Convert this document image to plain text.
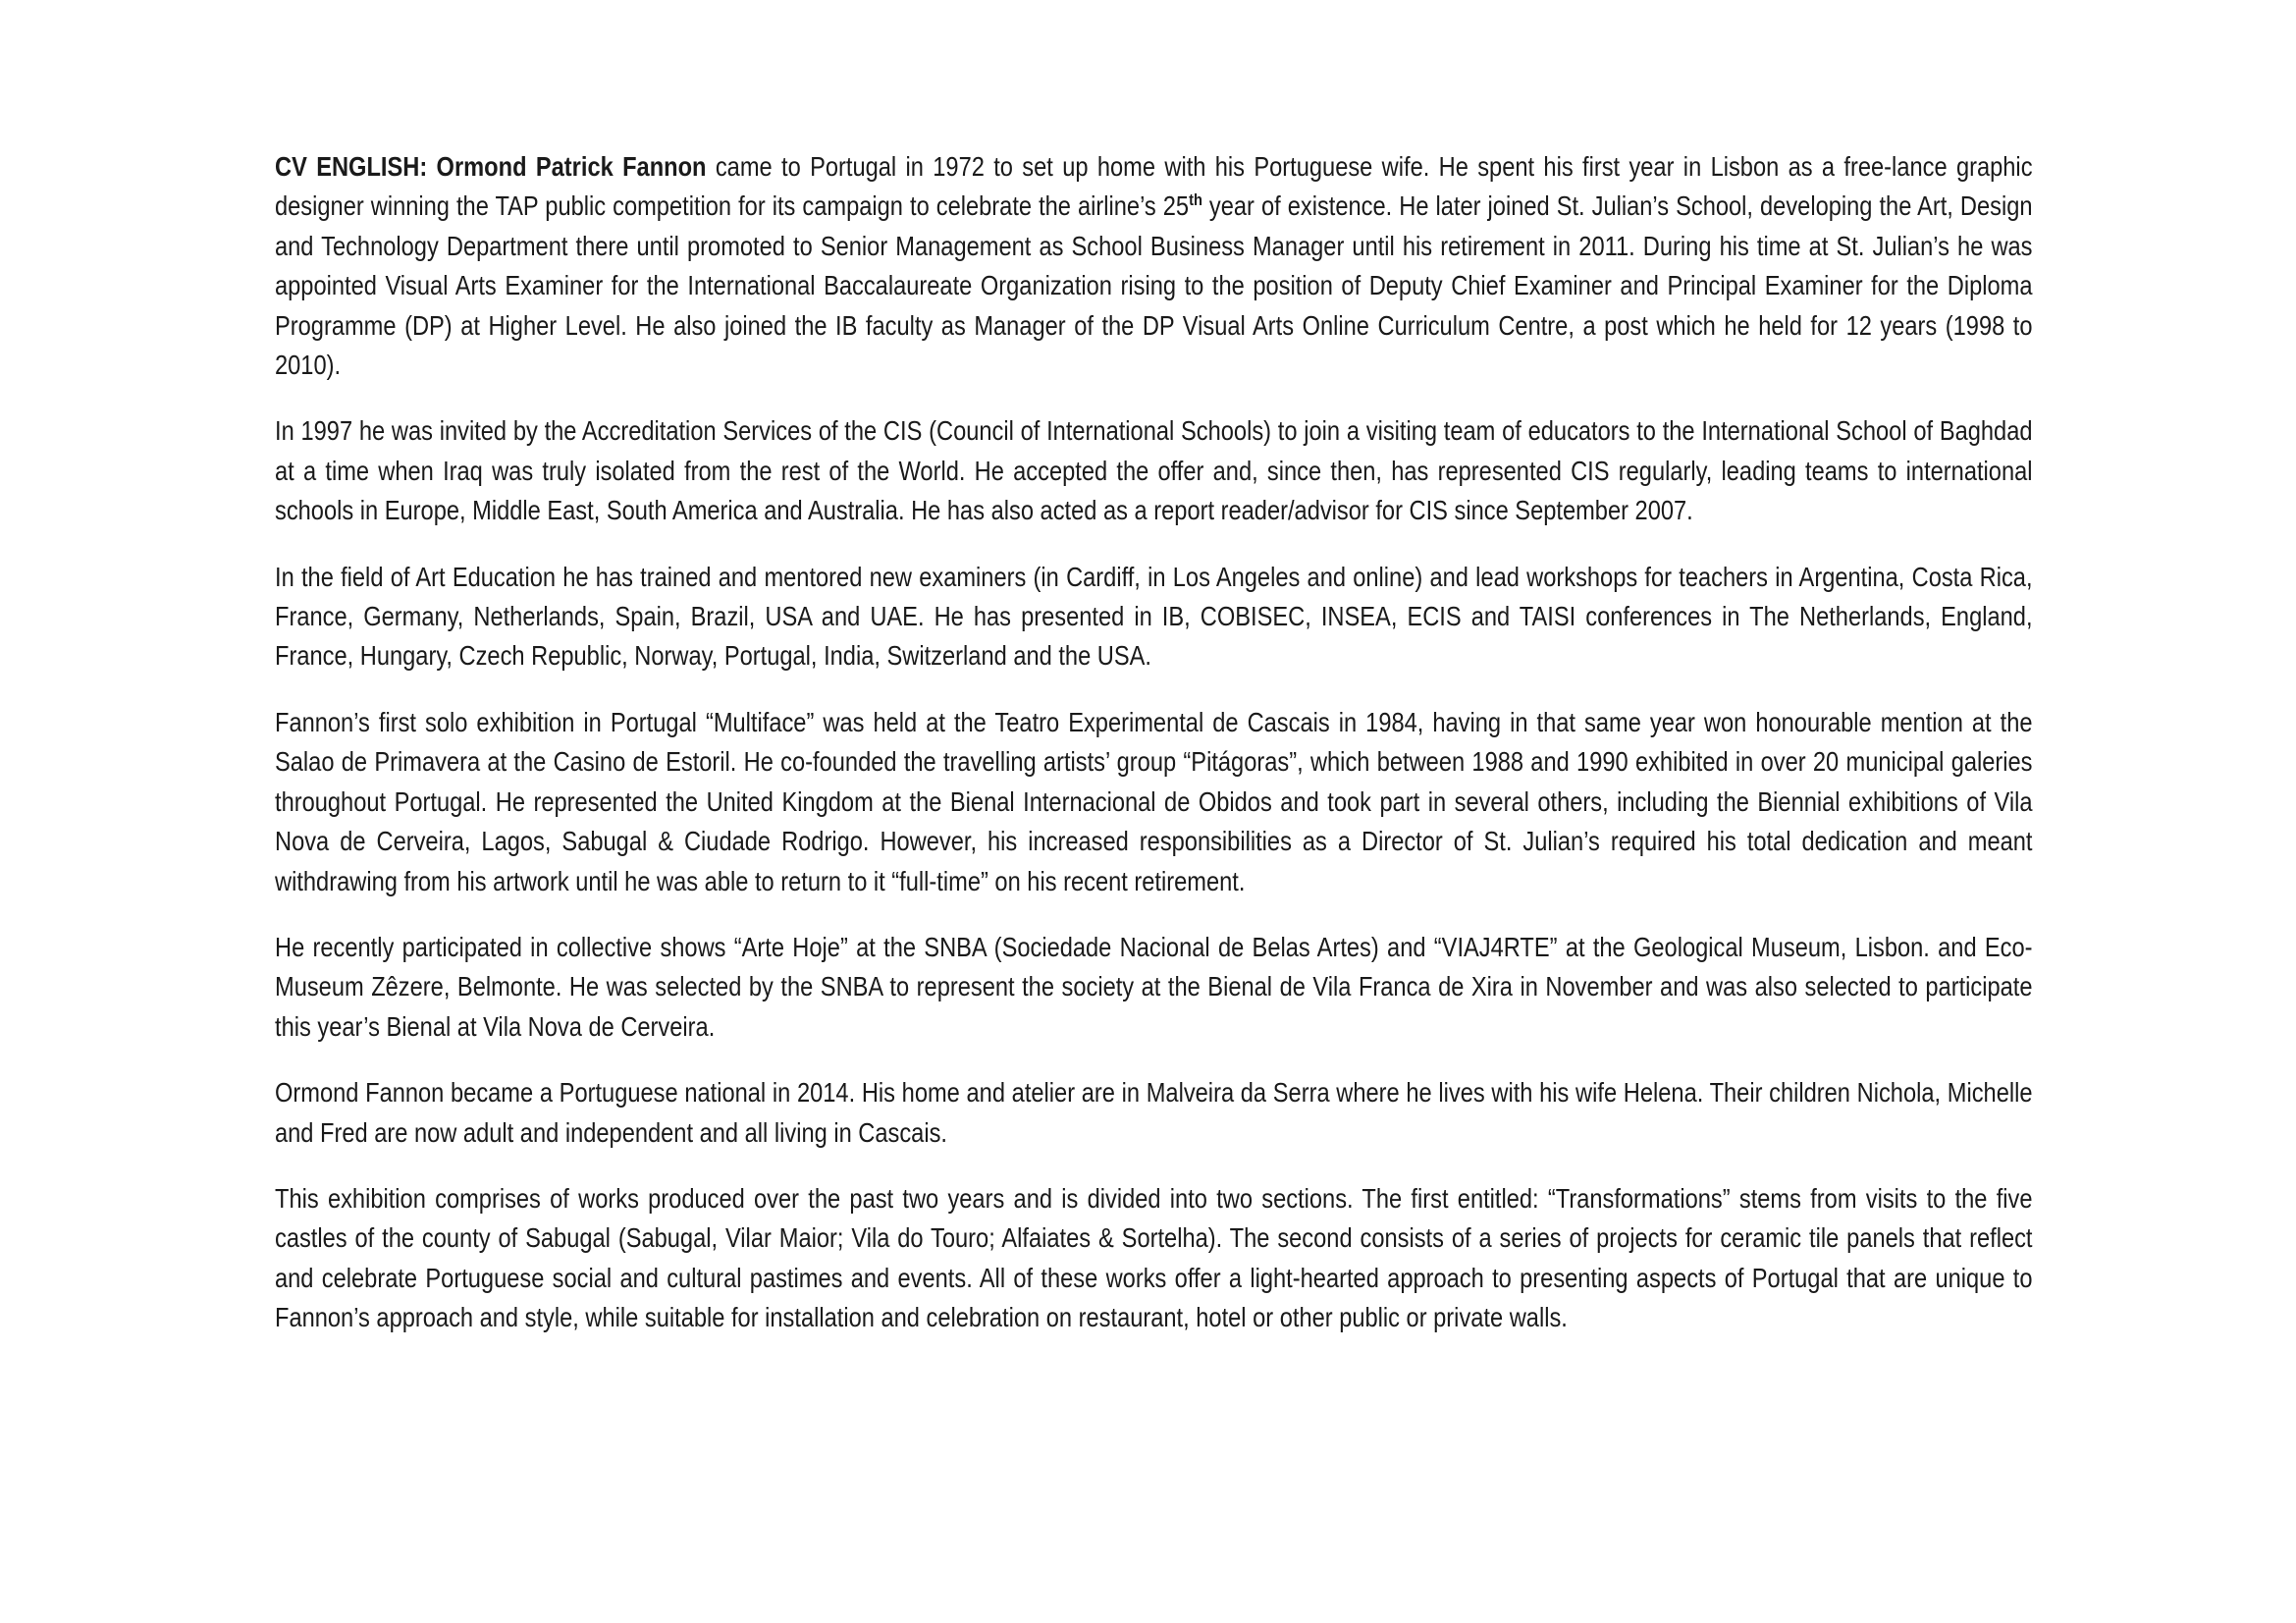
CV ENGLISH: Ormond Patrick Fannon came to Portugal in 1972 to set up home with his Portuguese wife. He spent his first year in Lisbon as a free-lance graphic designer winning the TAP public competition for its campaign to celebrate the airline’s 25th year of existence. He later joined St. Julian’s School, developing the Art, Design and Technology Department there until promoted to Senior Management as School Business Manager until his retirement in 2011. During his time at St. Julian’s he was appointed Visual Arts Examiner for the International Baccalaureate Organization rising to the position of Deputy Chief Examiner and Principal Examiner for the Diploma Programme (DP) at Higher Level. He also joined the IB faculty as Manager of the DP Visual Arts Online Curriculum Centre, a post which he held for 12 years (1998 to 2010).

In 1997 he was invited by the Accreditation Services of the CIS (Council of International Schools) to join a visiting team of educators to the International School of Baghdad at a time when Iraq was truly isolated from the rest of the World. He accepted the offer and, since then, has represented CIS regularly, leading teams to international schools in Europe, Middle East, South America and Australia. He has also acted as a report reader/advisor for CIS since September 2007.

In the field of Art Education he has trained and mentored new examiners (in Cardiff, in Los Angeles and online) and lead workshops for teachers in Argentina, Costa Rica, France, Germany, Netherlands, Spain, Brazil, USA and UAE. He has presented in IB, COBISEC, INSEA, ECIS and TAISI conferences in The Netherlands, England, France, Hungary, Czech Republic, Norway, Portugal, India, Switzerland and the USA.

Fannon’s first solo exhibition in Portugal “Multiface” was held at the Teatro Experimental de Cascais in 1984, having in that same year won honourable mention at the Salao de Primavera at the Casino de Estoril. He co-founded the travelling artists’ group “Pitágoras”, which between 1988 and 1990 exhibited in over 20 municipal galeries throughout Portugal. He represented the United Kingdom at the Bienal Internacional de Obidos and took part in several others, including the Biennial exhibitions of Vila Nova de Cerveira, Lagos, Sabugal & Ciudade Rodrigo. However, his increased responsibilities as a Director of St. Julian’s required his total dedication and meant withdrawing from his artwork until he was able to return to it “full-time” on his recent retirement.

He recently participated in collective shows “Arte Hoje” at the SNBA (Sociedade Nacional de Belas Artes) and “VIAJ4RTE” at the Geological Museum, Lisbon. and Eco-Museum Zêzere, Belmonte. He was selected by the SNBA to represent the society at the Bienal de Vila Franca de Xira in November and was also selected to participate this year’s Bienal at Vila Nova de Cerveira.

Ormond Fannon became a Portuguese national in 2014. His home and atelier are in Malveira da Serra where he lives with his wife Helena. Their children Nichola, Michelle and Fred are now adult and independent and all living in Cascais.

This exhibition comprises of works produced over the past two years and is divided into two sections. The first entitled: “Transformations” stems from visits to the five castles of the county of Sabugal (Sabugal, Vilar Maior; Vila do Touro; Alfaiates & Sortelha). The second consists of a series of projects for ceramic tile panels that reflect and celebrate Portuguese social and cultural pastimes and events. All of these works offer a light-hearted approach to presenting aspects of Portugal that are unique to Fannon’s approach and style, while suitable for installation and celebration on restaurant, hotel or other public or private walls.
